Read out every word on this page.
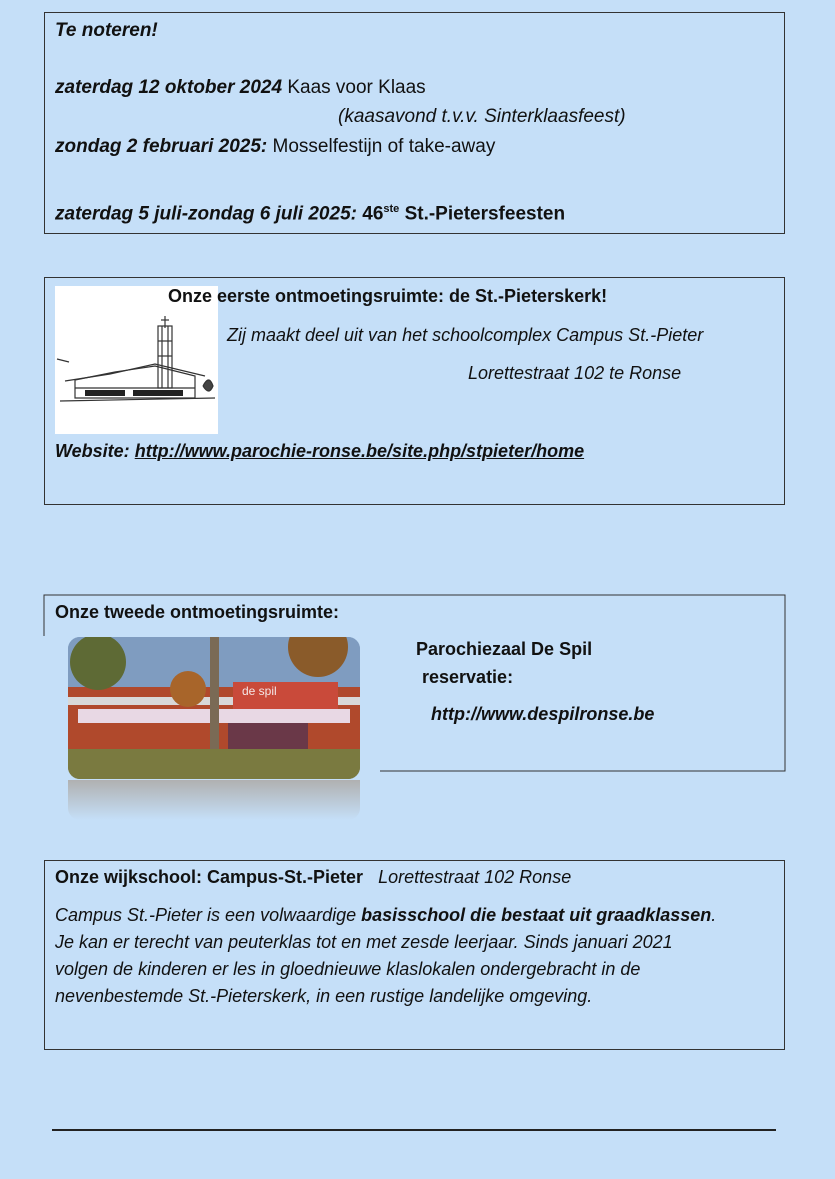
Te noteren!
zaterdag 12 oktober 2024 Kaas voor Klaas
(kaasavond t.v.v. Sinterklaasfeest)
zondag 2 februari 2025: Mosselfestijn of take-away
zaterdag 5 juli-zondag 6 juli 2025: 46ste St.-Pietersfeesten
Onze eerste ontmoetingsruimte: de St.-Pieterskerk!
Zij maakt deel uit van het schoolcomplex Campus St.-Pieter
Lorettestraat 102 te Ronse
Website: http://www.parochie-ronse.be/site.php/stpieter/home
Onze tweede ontmoetingsruimte:
de spil
Parochiezaal De Spil
reservatie:
http://www.despilronse.be
Onze wijkschool: Campus-St.-Pieter Lorettestraat 102 Ronse
Campus St.-Pieter is een volwaardige basisschool die bestaat uit graadklassen.
Je kan er terecht van peuterklas tot en met zesde leerjaar. Sinds januari 2021
volgen de kinderen er les in gloednieuwe klaslokalen ondergebracht in de
nevenbestemde St.-Pieterskerk, in een rustige landelijke omgeving.
